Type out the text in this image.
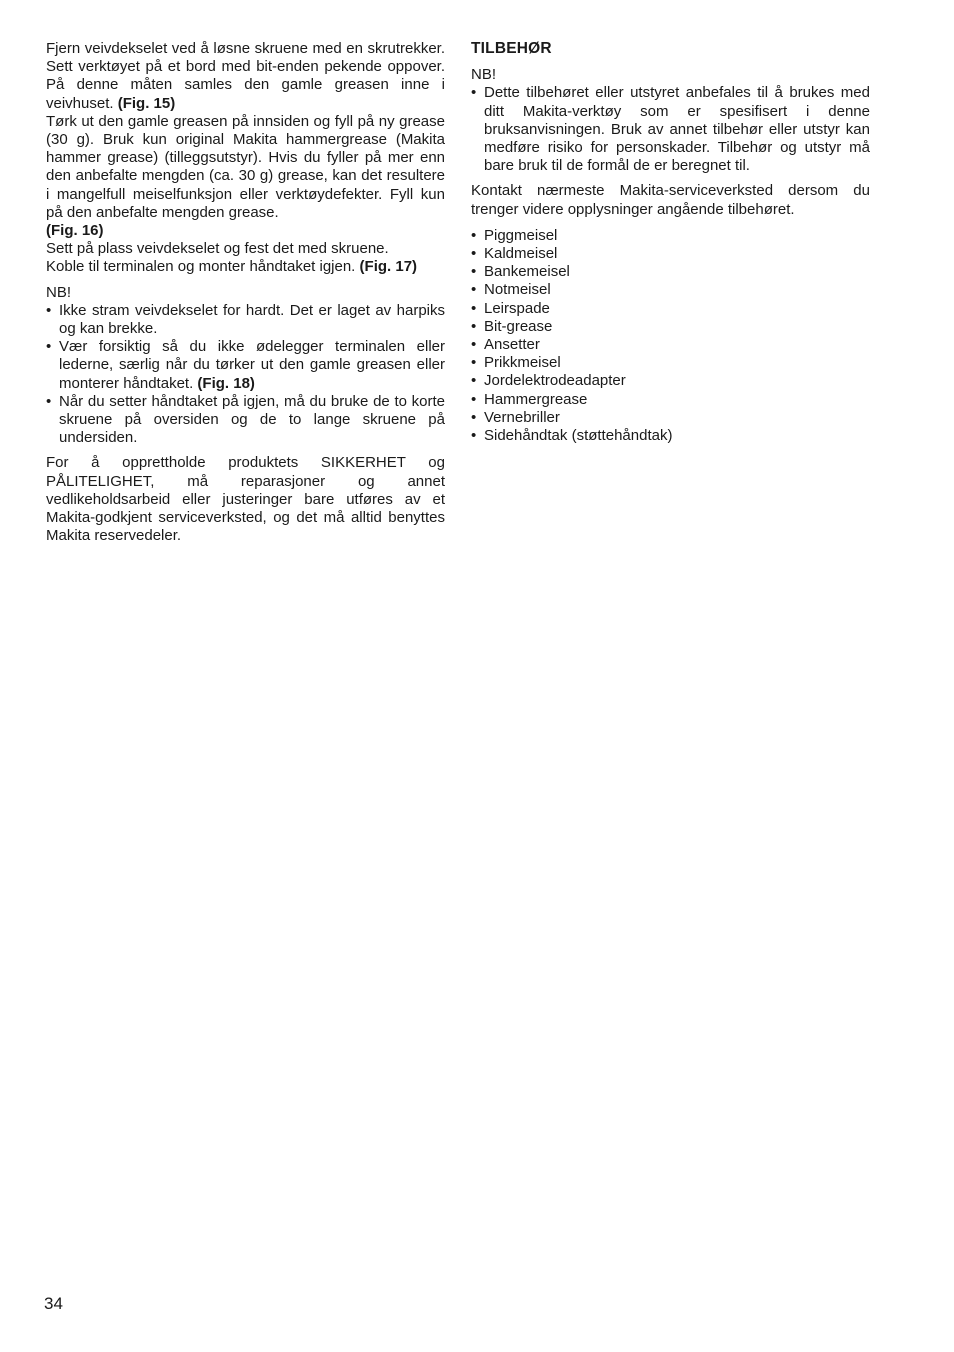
Fjern veivdekselet ved å løsne skruene med en skrutrekker. Sett verktøyet på et bord med bit-enden pekende oppover. På denne måten samles den gamle greasen inne i veivhuset. (Fig. 15)

Tørk ut den gamle greasen på innsiden og fyll på ny grease (30 g). Bruk kun original Makita hammergrease (Makita hammer grease) (tilleggsutstyr). Hvis du fyller på mer enn den anbefalte mengden (ca. 30 g) grease, kan det resultere i mangelfull meiselfunksjon eller verktøydefekter. Fyll kun på den anbefalte mengden grease.
(Fig. 16)

Sett på plass veivdekselet og fest det med skruene.

Koble til terminalen og monter håndtaket igjen. (Fig. 17)

NB!

• Ikke stram veivdekselet for hardt. Det er laget av harpiks og kan brekke.
• Vær forsiktig så du ikke ødelegger terminalen eller lederne, særlig når du tørker ut den gamle greasen eller monterer håndtaket. (Fig. 18)
• Når du setter håndtaket på igjen, må du bruke de to korte skruene på oversiden og de to lange skruene på undersiden.

For å opprettholde produktets SIKKERHET og PÅLITELIGHET, må reparasjoner og annet vedlikeholdsarbeid eller justeringer bare utføres av et Makita-godkjent serviceverksted, og det må alltid benyttes Makita reservedeler.

TILBEHØR

NB!

• Dette tilbehøret eller utstyret anbefales til å brukes med ditt Makita-verktøy som er spesifisert i denne bruksanvisningen. Bruk av annet tilbehør eller utstyr kan medføre risiko for personskader. Tilbehør og utstyr må bare bruk til de formål de er beregnet til.

Kontakt nærmeste Makita-serviceverksted dersom du trenger videre opplysninger angående tilbehøret.

• Piggmeisel
• Kaldmeisel
• Bankemeisel
• Notmeisel
• Leirspade
• Bit-grease
• Ansetter
• Prikkmeisel
• Jordelektrodeadapter
• Hammergrease
• Vernebriller
• Sidehåndtak (støttehåndtak)
34
